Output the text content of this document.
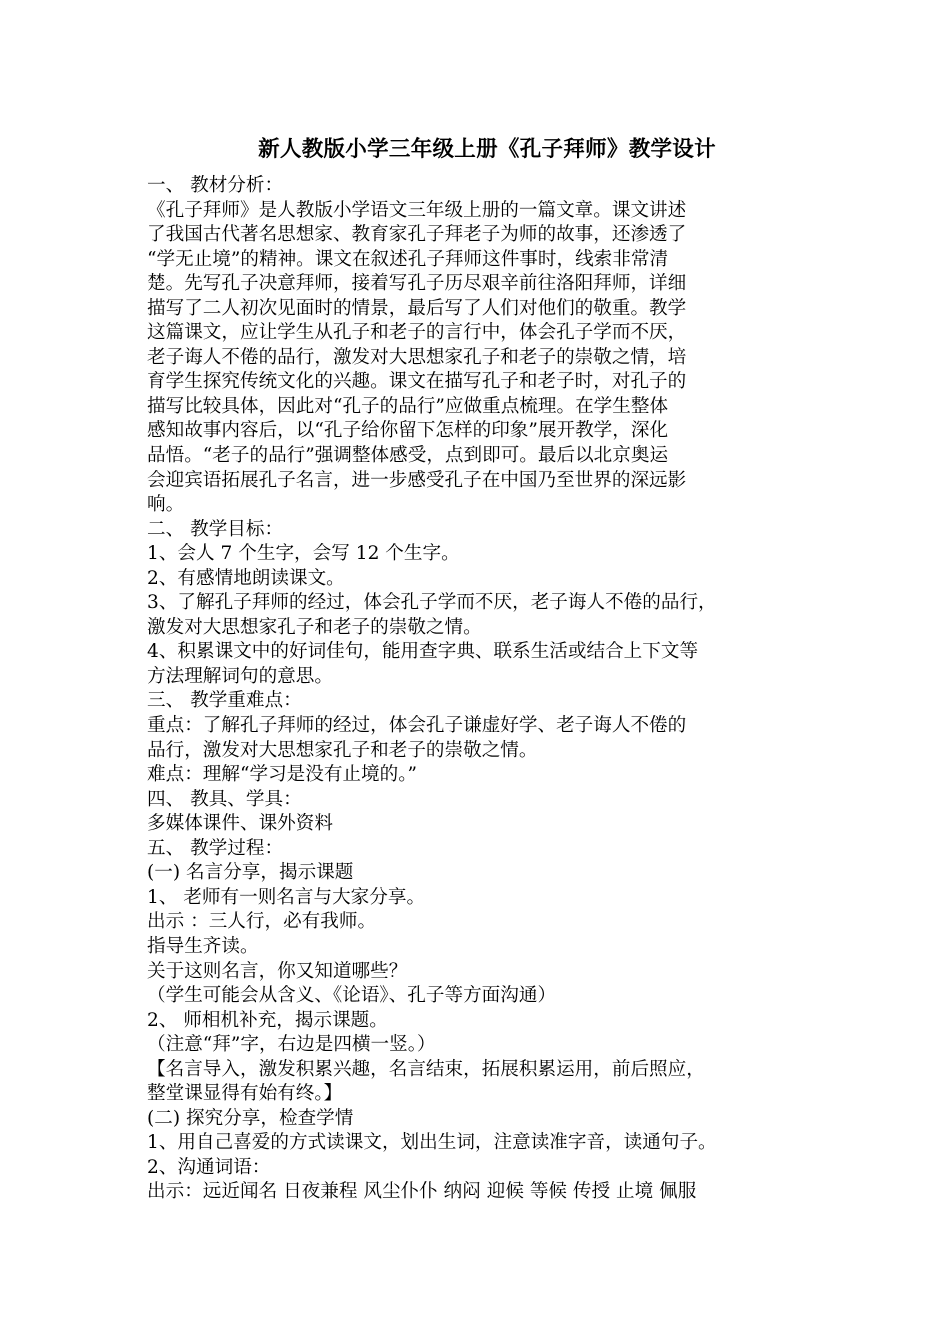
新人教版小学三年级上册《孔子拜师》教学设计
一、 教材分析：
《孔子拜师》是人教版小学语文三年级上册的一篇文章。课文讲述
了我国古代著名思想家、教育家孔子拜老子为师的故事，还渗透了
“学无止境”的精神。课文在叙述孔子拜师这件事时，线索非常清
楚。先写孔子决意拜师，接着写孔子历尽艰辛前往洛阳拜师，详细
描写了二人初次见面时的情景，最后写了人们对他们的敬重。教学
这篇课文，应让学生从孔子和老子的言行中，体会孔子学而不厌，
老子诲人不倦的品行，激发对大思想家孔子和老子的崇敬之情，培
育学生探究传统文化的兴趣。课文在描写孔子和老子时，对孔子的
描写比较具体，因此对“孔子的品行”应做重点梳理。在学生整体
感知故事内容后，以“孔子给你留下怎样的印象”展开教学，深化
品悟。“老子的品行”强调整体感受，点到即可。最后以北京奥运
会迎宾语拓展孔子名言，进一步感受孔子在中国乃至世界的深远影
响。
二、 教学目标：
1、会人 7 个生字，会写 12 个生字。
2、有感情地朗读课文。
3、了解孔子拜师的经过，体会孔子学而不厌，老子诲人不倦的品行，
激发对大思想家孔子和老子的崇敬之情。
4、积累课文中的好词佳句，能用查字典、联系生活或结合上下文等
方法理解词句的意思。
三、 教学重难点：
重点：了解孔子拜师的经过，体会孔子谦虚好学、老子诲人不倦的
品行，激发对大思想家孔子和老子的崇敬之情。
难点：理解“学习是没有止境的。”
四、 教具、学具：
多媒体课件、课外资料
五、 教学过程：
(一) 名言分享，揭示课题
1、 老师有一则名言与大家分享。
出示 ：三人行，必有我师。
指导生齐读。
关于这则名言，你又知道哪些？
（学生可能会从含义、《论语》、孔子等方面沟通）
2、 师相机补充，揭示课题。
（注意“拜”字，右边是四横一竖。）
【名言导入，激发积累兴趣，名言结束，拓展积累运用，前后照应，
整堂课显得有始有终。】
(二) 探究分享，检查学情
1、用自己喜爱的方式读课文，划出生词，注意读准字音，读通句子。
2、沟通词语：
出示：远近闻名 日夜兼程 风尘仆仆 纳闷 迎候 等候 传授 止境 佩服
